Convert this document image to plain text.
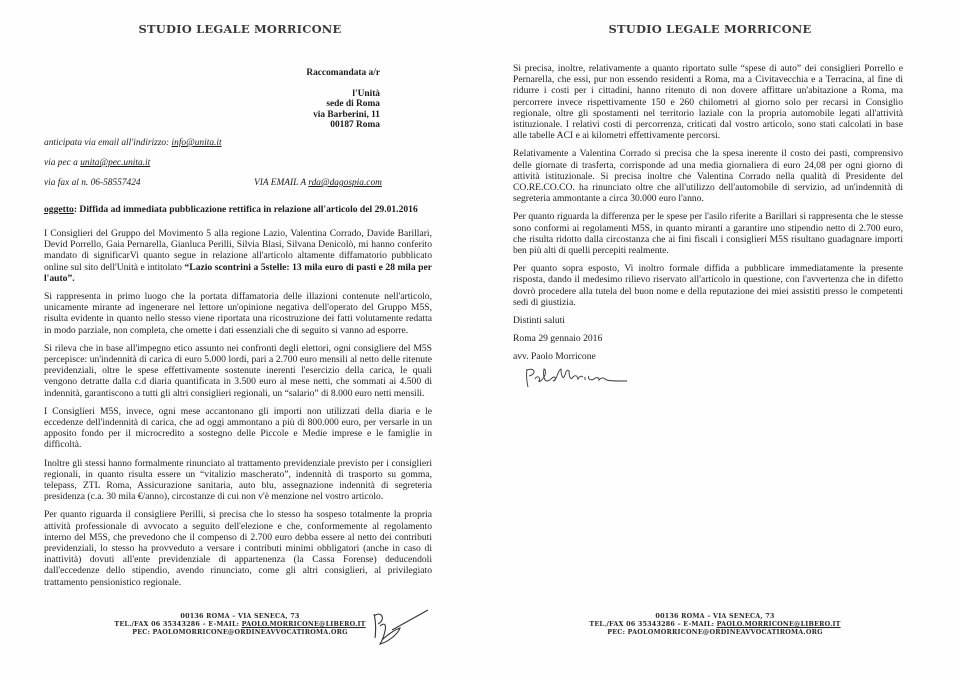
STUDIO LEGALE MORRICONE
Raccomandata a/r
l'Unità
sede di Roma
via Barberini, 11
00187 Roma
anticipata via email all'indirizzo: info@unita.it
via pec a unita@pec.unita.it
via fax al n. 06-58557424	VIA EMAIL A rda@dagospia.com
oggetto: Diffida ad immediata pubblicazione rettifica in relazione all'articolo del 29.01.2016

I Consiglieri del Gruppo del Movimento 5 alla regione Lazio, Valentina Corrado, Davide Barillari, Devid Porrello, Gaia Pernarella, Gianluca Perilli, Silvia Blasi, Silvana Denicolò, mi hanno conferito mandato di significarVi quanto segue in relazione all'articolo altamente diffamatorio pubblicato online sul sito dell'Unità e intitolato “Lazio scontrini a 5stelle: 13 mila euro di pasti e 28 mila per l'auto”.

Si rappresenta in primo luogo che la portata diffamatoria delle illazioni contenute nell'articolo, unicamente mirante ad ingenerare nel lettore un'opinione negativa dell'operato del Gruppo M5S, risulta evidente in quanto nello stesso viene riportata una ricostruzione dei fatti volutamente redatta in modo parziale, non completa, che omette i dati essenziali che di seguito si vanno ad esporre.

Si rileva che in base all'impegno etico assunto nei confronti degli elettori, ogni consigliere del M5S percepisce: un'indennità di carica di euro 5.000 lordi, pari a 2.700 euro mensili al netto delle ritenute previdenziali, oltre le spese effettivamente sostenute inerenti l'esercizio della carica, le quali vengono detratte dalla c.d diaria quantificata in 3.500 euro al mese netti, che sommati ai 4.500 di indennità, garantiscono a tutti gli altri consiglieri regionali, un “salario” di 8.000 euro netti mensili.

I Consiglieri M5S, invece, ogni mese accantonano gli importi non utilizzati della diaria e le eccedenze dell'indennità di carica, che ad oggi ammontano a più di 800.000 euro, per versarle in un apposito fondo per il microcredito a sostegno delle Piccole e Medie imprese e le famiglie in difficoltà.

Inoltre gli stessi hanno formalmente rinunciato al trattamento previdenziale previsto per i consiglieri regionali, in quanto risulta essere un “vitalizio mascherato”, indennità di trasporto su gomma, telepass, ZTL Roma, Assicurazione sanitaria, auto blu, assegnazione indennità di segreteria presidenza (c.a. 30 mila €/anno), circostanze di cui non v'è menzione nel vostro articolo.

Per quanto riguarda il consigliere Perilli, si precisa che lo stesso ha sospeso totalmente la propria attività professionale di avvocato a seguito dell'elezione e che, conformemente al regolamento interno del M5S, che prevedono che il compenso di 2.700 euro debba essere al netto dei contributi previdenziali, lo stesso ha provveduto a versare i contributi minimi obbligatori (anche in caso di inattività) dovuti all'ente previdenziale di appartenenza (la Cassa Forense) deducendoli dall'eccedenze dello stipendio, avendo rinunciato, come gli altri consiglieri, al privilegiato trattamento pensionistico regionale.

00136 ROMA – VIA SENECA, 73
TEL./FAX 06 35343286 – E-MAIL: PAOLO.MORRICONE@LIBERO.IT
PEC: PAOLOMORRICONE@ORDINEAVVOCATIROMA.ORG
STUDIO LEGALE MORRICONE

Si precisa, inoltre, relativamente a quanto riportato sulle “spese di auto” dei consiglieri Porrello e Pernarella, che essi, pur non essendo residenti a Roma, ma a Civitavecchia e a Terracina, al fine di ridurre i costi per i cittadini, hanno ritenuto di non dovere affittare un'abitazione a Roma, ma percorrere invece rispettivamente 150 e 260 chilometri al giorno solo per recarsi in Consiglio regionale, oltre gli spostamenti nel territorio laziale con la propria automobile legati all'attività istituzionale. I relativi costi di percorrenza, criticati dal vostro articolo, sono stati calcolati in base alle tabelle ACI e ai kilometri effettivamente percorsi.

Relativamente a Valentina Corrado si precisa che la spesa inerente il costo dei pasti, comprensivo delle giornate di trasferta, corrisponde ad una media giornaliera di euro 24,08 per ogni giorno di attività istituzionale. Si precisa inoltre che Valentina Corrado nella qualità di Presidente del CO.RE.CO.CO. ha rinunciato oltre che all'utilizzo dell'automobile di servizio, ad un'indennità di segreteria ammontante a circa 30.000 euro l'anno.

Per quanto riguarda la differenza per le spese per l'asilo riferite a Barillari si rappresenta che le stesse sono conformi ai regolamenti M5S, in quanto miranti a garantire uno stipendio netto di 2.700 euro, che risulta ridotto dalla circostanza che ai fini fiscali i consiglieri M5S risultano guadagnare importi ben più alti di quelli percepiti realmente.

Per quanto sopra esposto, Vi inoltro formale diffida a pubblicare immediatamente la presente risposta, dando il medesimo rilievo riservato all'articolo in questione, con l'avvertenza che in difetto dovrò procedere alla tutela del buon nome e della reputazione dei miei assistiti presso le competenti sedi di giustizia.

Distinti saluti

Roma 29 gennaio 2016

avv. Paolo Morricone

00136 ROMA – VIA SENECA, 73
TEL./FAX 06 35343286 – E-MAIL: PAOLO.MORRICONE@LIBERO.IT
PEC: PAOLOMORRICONE@ORDINEAVVOCATIROMA.ORG
